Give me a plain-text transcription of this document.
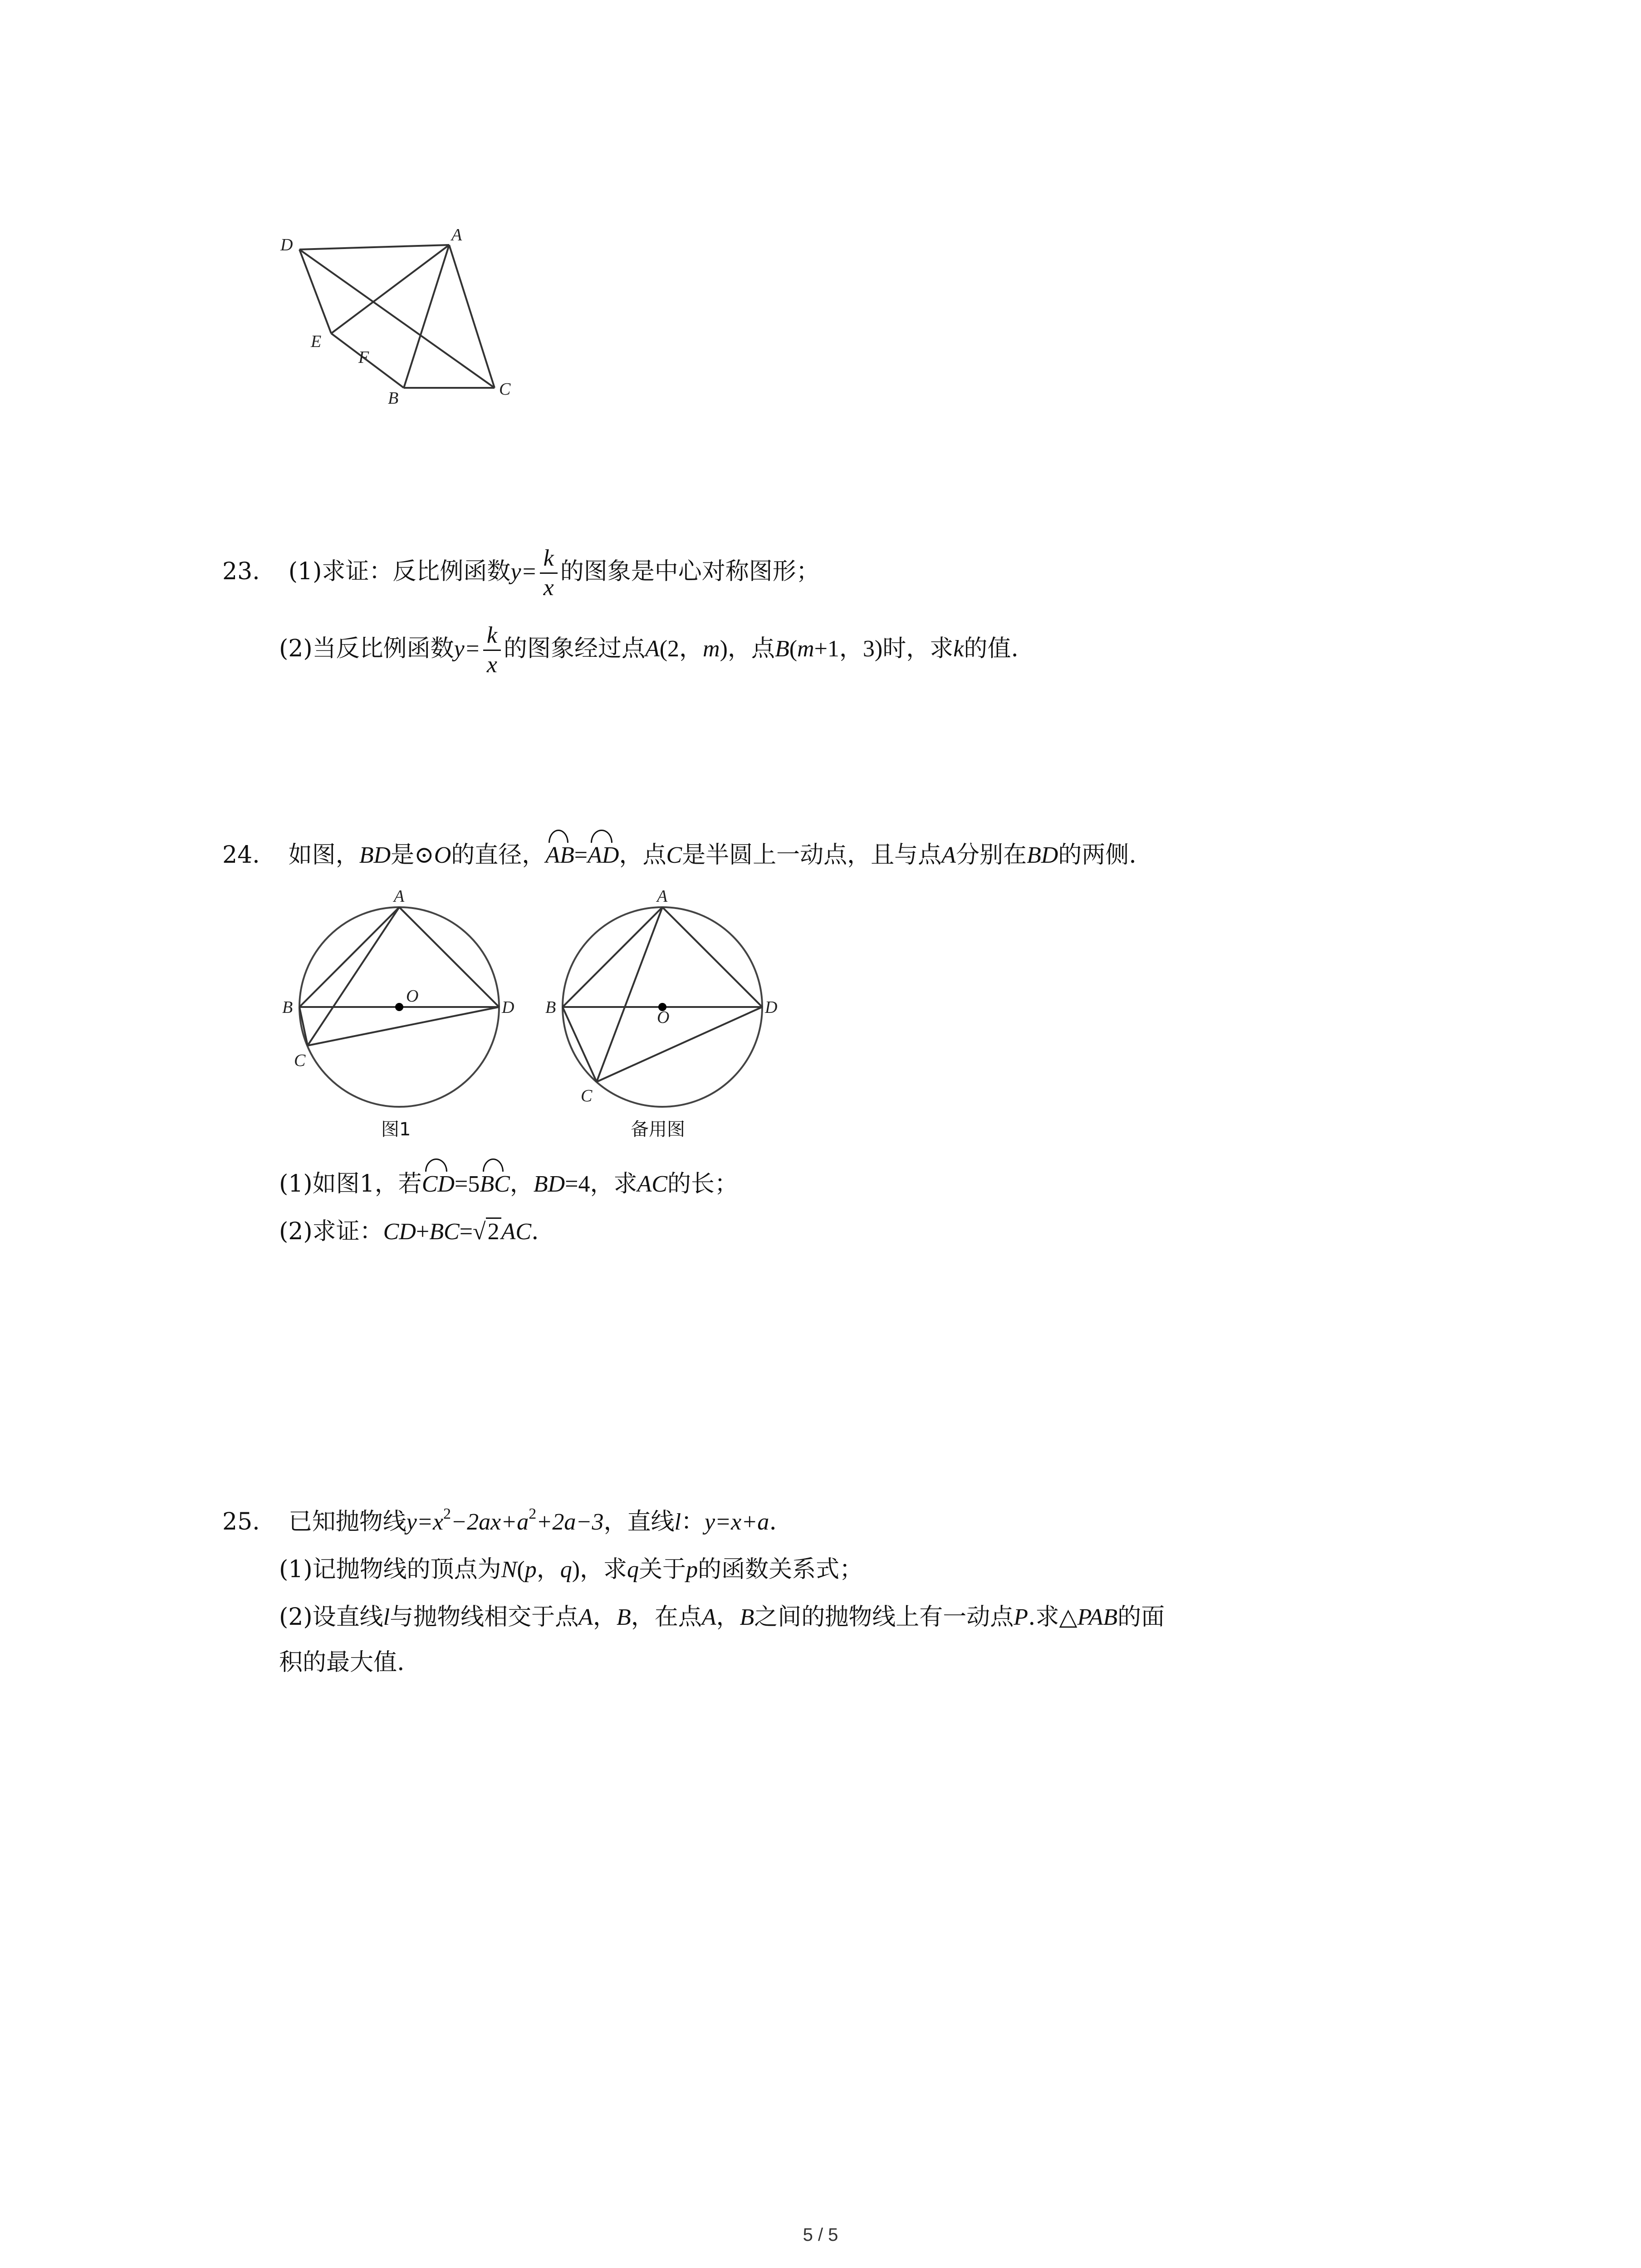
D
A
E
F
B	C
23. (1)求证：反比例函数$y= \frac{k}{x}$ 的图象是中心对称图形；
(2)当反比例函数$y= \frac{k}{x}$ 的图象经过点A(2，m)，点B(m+1，3)时，求k的值.
24. 如图，BD是⊙O的直径，AB=AD，点C是半圆上一动点，且与点A分别在BD的两侧.
A
B
C
D
O
图1
A
B
C
D
O
备用图
(1)如图1，若CD=5BC，BD=4，求AC的长；
(2)求证：CD+BC=√2AC.
25. 已知抛物线$y=x^2-2ax+a^2+2a-3$，直线l：y=x+a.
(1)记抛物线的顶点为N(p，q)，求q关于p的函数关系式；
(2)设直线l与抛物线相交于点A，B，在点A，B之间的抛物线上有一动点P.求△PAB的面
积的最大值.
5 / 5
